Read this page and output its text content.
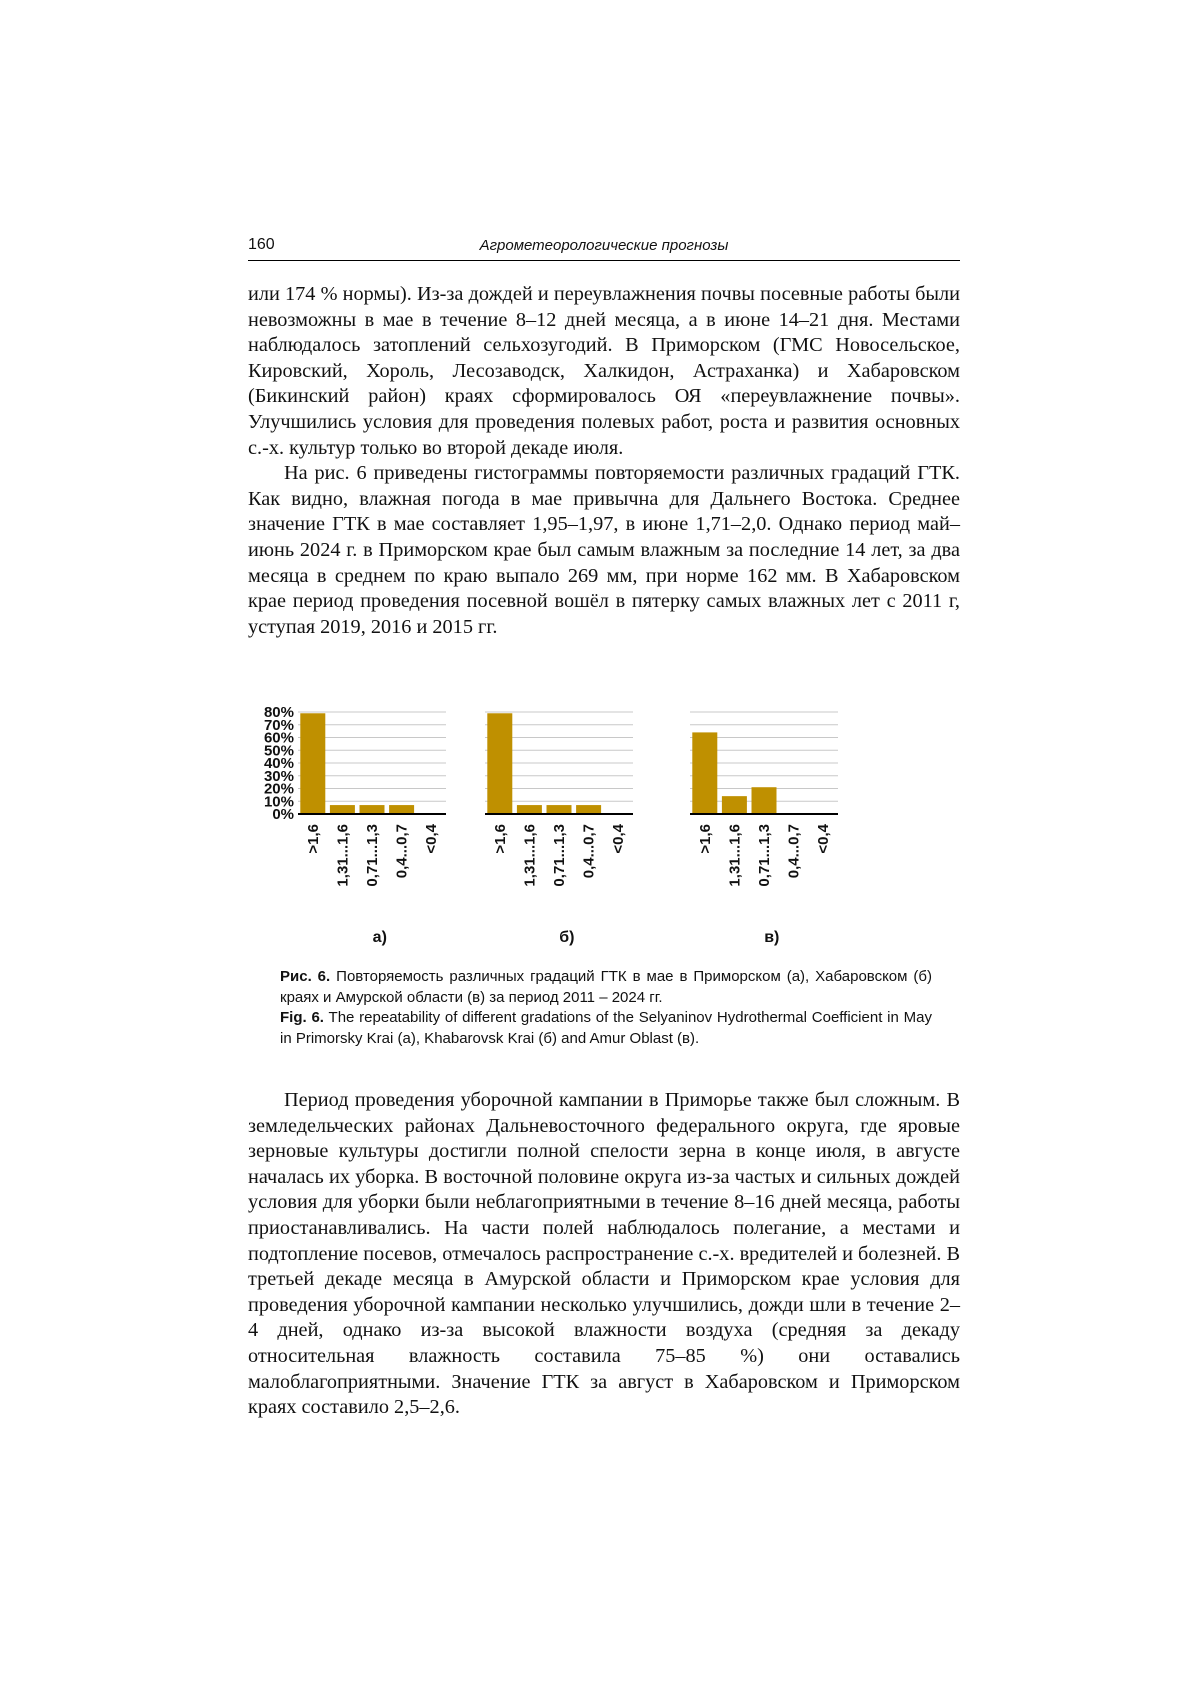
160	Агрометеорологические прогнозы

или 174 % нормы). Из-за дождей и переувлажнения почвы посевные работы были невозможны в мае в течение 8–12 дней месяца, а в июне 14–21 дня. Местами наблюдалось затоплений сельхозугодий. В Приморском (ГМС Новосельское, Кировский, Хороль, Лесозаводск, Халкидон, Астраханка) и Хабаровском (Бикинский район) краях сформировалось ОЯ «переувлажнение почвы». Улучшились условия для проведения полевых работ, роста и развития основных с.-х. культур только во второй декаде июля.

На рис. 6 приведены гистограммы повторяемости различных градаций ГТК. Как видно, влажная погода в мае привычна для Дальнего Востока. Среднее значение ГТК в мае составляет 1,95–1,97, в июне 1,71–2,0. Однако период май–июнь 2024 г. в Приморском крае был самым влажным за последние 14 лет, за два месяца в среднем по краю выпало 269 мм, при норме 162 мм. В Хабаровском крае период проведения посевной вошёл в пятерку самых влажных лет с 2011 г, уступая 2019, 2016 и 2015 гг.

0%
10%
20%
30%
40%
50%
60%
70%
80%
>1,6 1,31...1,6 0,71...1,3 0,4...0,7 <0,4
а)
>1,6 1,31...1,6 0,71...1,3 0,4...0,7 <0,4
б)
>1,6 1,31...1,6 0,71...1,3 0,4...0,7 <0,4
в)

Рис. 6. Повторяемость различных градаций ГТК в мае в Приморском (а), Хабаровском (б) краях и Амурской области (в) за период 2011 – 2024 гг.

Fig. 6. The repeatability of different gradations of the Selyaninov Hydrothermal Coefficient in May in Primorsky Krai (а), Khabarovsk Krai (б) and Amur Oblast (в).

Период проведения уборочной кампании в Приморье также был сложным. В земледельческих районах Дальневосточного федерального округа, где яровые зерновые культуры достигли полной спелости зерна в конце июля, в августе началась их уборка. В восточной половине округа из-за частых и сильных дождей условия для уборки были неблагоприятными в течение 8–16 дней месяца, работы приостанавливались. На части полей наблюдалось полегание, а местами и подтопление посевов, отмечалось распространение с.-х. вредителей и болезней. В третьей декаде месяца в Амурской области и Приморском крае условия для проведения уборочной кампании несколько улучшились, дожди шли в течение 2–4 дней, однако из-за высокой влажности воздуха (средняя за декаду относительная влажность составила 75–85 %) они оставались малоблагоприятными. Значение ГТК за август в Хабаровском и Приморском краях составило 2,5–2,6.
